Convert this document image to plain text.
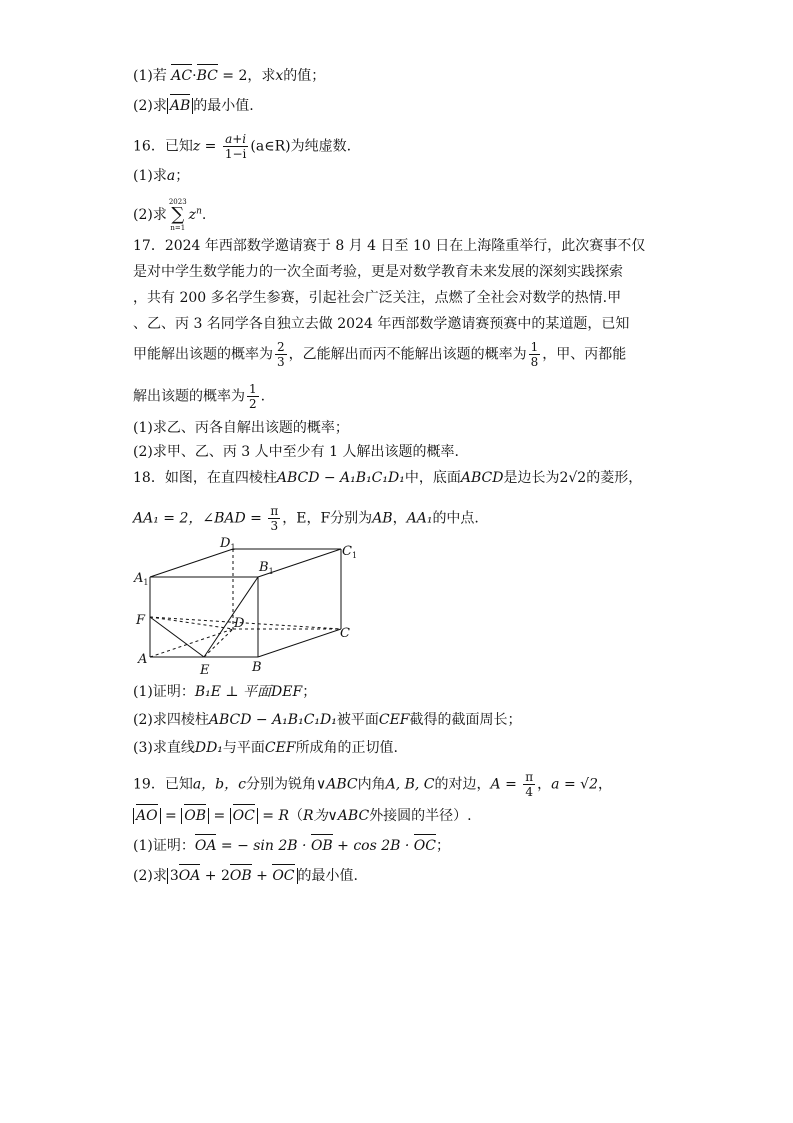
(1)若 AC·BC = 2，求x的值；
(2)求 AB 的最小值.
16．已知$z = \frac{a+i}{1-i}$ (a∈R)为纯虚数.
(1)求a；
(2)求
2023
∑
n=1
$z^n$.
17．2024 年西部数学邀请赛于 8 月 4 日至 10 日在上海隆重举行，此次赛事不仅
是对中学生数学能力的一次全面考验，更是对数学教育未来发展的深刻实践探索
，共有 200 多名学生参赛，引起社会广泛关注，点燃了全社会对数学的热情.甲
、乙、丙 3 名同学各自独立去做 2024 年西部数学邀请赛预赛中的某道题，已知
甲能解出该题的概率为 $\frac{2}{3}$ ，乙能解出而丙不能解出该题的概率为 $\frac{1}{8}$ ，甲、丙都能
解出该题的概率为 $\frac{1}{2}$ .
(1)求乙、丙各自解出该题的概率；
(2)求甲、乙、丙 3 人中至少有 1 人解出该题的概率.
18．如图，在直四棱柱ABCD − A₁B₁C₁D₁中，底面ABCD是边长为2√2的菱形，
AA₁ = 2，∠BAD = $\frac{\pi}{3}$ ，E，F分别为AB，AA₁的中点.
$D_1$	$C_1$
$A_1$
$B_1$
F	D
C
A
E	B
(1)证明：B₁E ⊥ 平面DEF；
(2)求四棱柱ABCD − A₁B₁C₁D₁被平面CEF截得的截面周长；
(3)求直线DD₁与平面CEF所成角的正切值.
19．已知a，b，c分别为锐角∨ABC内角A, B, C的对边，$A = \frac{\pi}{4}$ ，a = √2，
AO = OB = OC = R（R为∨ABC外接圆的半径）.
(1)证明：OA = − sin 2B · OB + cos 2B · OC；
(2)求 3OA + 2OB + OC 的最小值.
